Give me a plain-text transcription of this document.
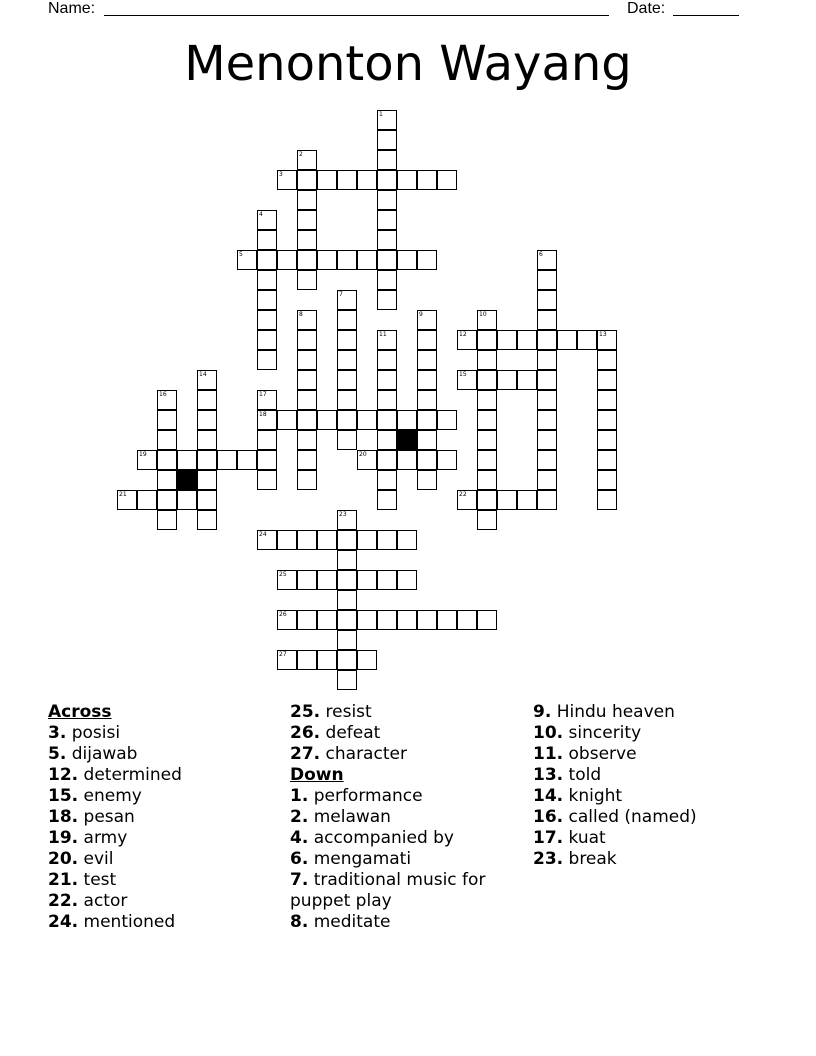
Name:	Date:
Menonton Wayang
3
5
12	13
15
18
19	20
21	22
24
25
26
27
1
2
4
6
7
8	9	10
11
14
16	17
23
Across
3. posisi
5. dijawab
12. determined
15. enemy
18. pesan
19. army
20. evil
21. test
22. actor
24. mentioned
25. resist
26. defeat
27. character
Down
1. performance
2. melawan
4. accompanied by
6. mengamati
7. traditional music for puppet play
8. meditate
9. Hindu heaven
10. sincerity
11. observe
13. told
14. knight
16. called (named)
17. kuat
23. break
